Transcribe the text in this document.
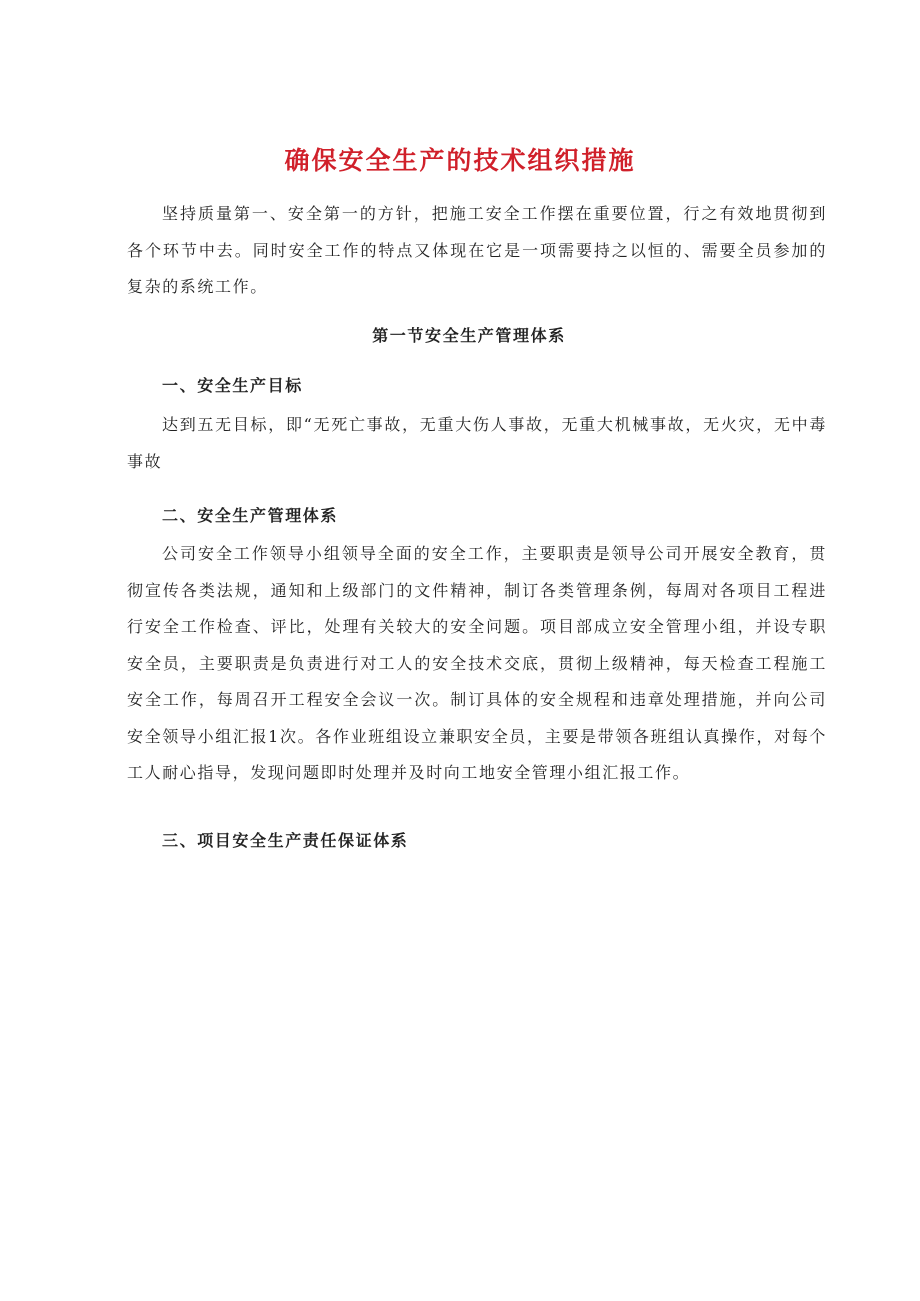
确保安全生产的技术组织措施

坚持质量第一、安全第一的方针，把施工安全工作摆在重要位置，行之有效地贯彻到各个环节中去。同时安全工作的特点又体现在它是一项需要持之以恒的、需要全员参加的复杂的系统工作。

第一节安全生产管理体系
一、安全生产目标

达到五无目标，即“无死亡事故，无重大伤人事故，无重大机械事故，无火灾，无中毒事故

二、安全生产管理体系

公司安全工作领导小组领导全面的安全工作，主要职责是领导公司开展安全教育，贯彻宣传各类法规，通知和上级部门的文件精神，制订各类管理条例，每周对各项目工程进行安全工作检查、评比，处理有关较大的安全问题。项目部成立安全管理小组，并设专职安全员，主要职责是负责进行对工人的安全技术交底，贯彻上级精神，每天检查工程施工安全工作，每周召开工程安全会议一次。制订具体的安全规程和违章处理措施，并向公司安全领导小组汇报1次。各作业班组设立兼职安全员，主要是带领各班组认真操作，对每个工人耐心指导，发现问题即时处理并及时向工地安全管理小组汇报工作。

三、项目安全生产责任保证体系
